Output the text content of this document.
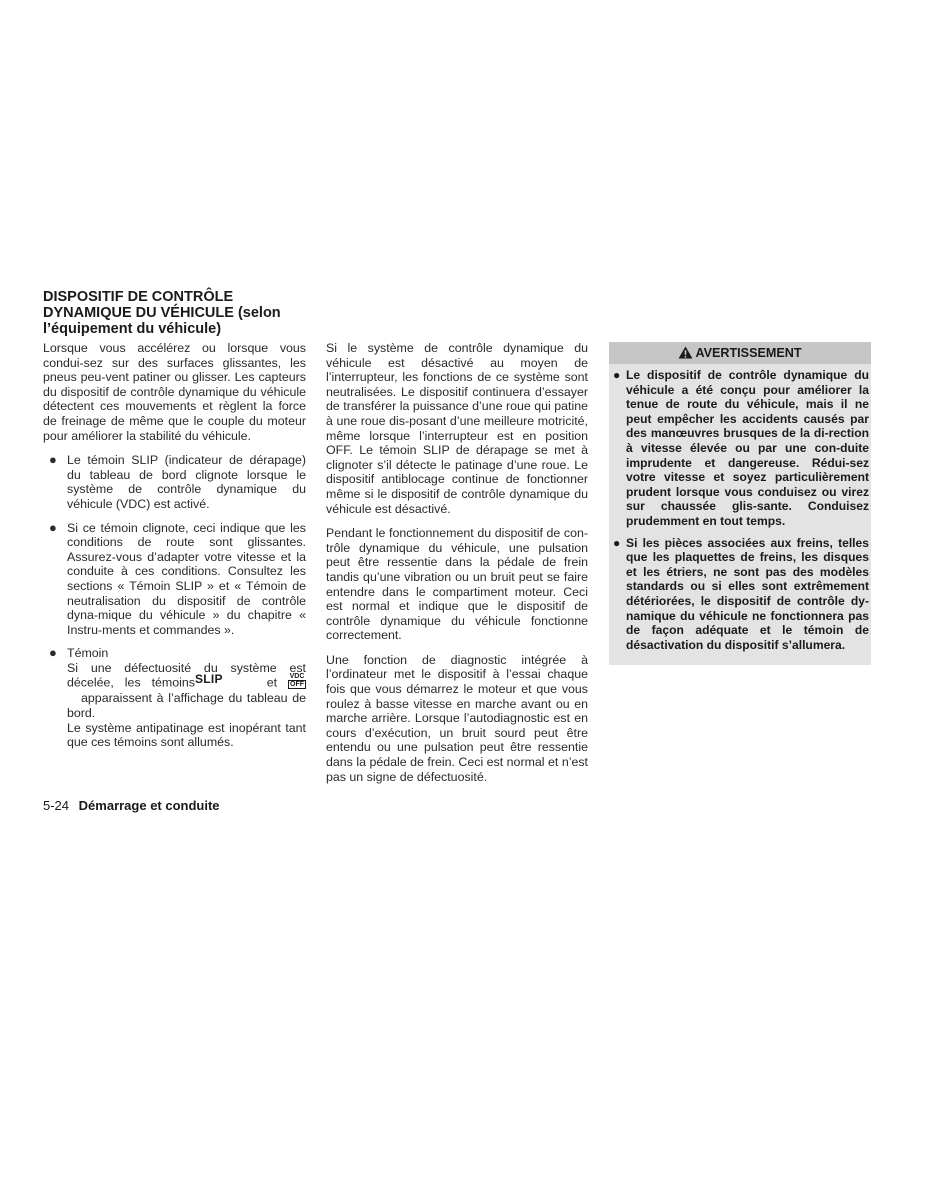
DISPOSITIF DE CONTRÔLE
DYNAMIQUE DU VÉHICULE (selon
l’équipement du véhicule)

Lorsque vous accélérez ou lorsque vous condui-sez sur des surfaces glissantes, les pneus peu-vent patiner ou glisser. Les capteurs du dispositif de contrôle dynamique du véhicule détectent ces mouvements et règlent la force de freinage de même que le couple du moteur pour améliorer la stabilité du véhicule.

● Le témoin SLIP (indicateur de dérapage) du tableau de bord clignote lorsque le système de contrôle dynamique du véhicule (VDC) est activé.

● Si ce témoin clignote, ceci indique que les conditions de route sont glissantes. Assurez-vous d’adapter votre vitesse et la conduite à ces conditions. Consultez les sections « Témoin SLIP » et « Témoin de neutralisation du dispositif de contrôle dyna-mique du véhicule » du chapitre « Instru-ments et commandes ».

● Témoin

Si une défectuosité du système est décelée, les témoinsSLIP	et VDC
OFF
apparaissent à l’affichage du tableau de bord.

Le système antipatinage est inopérant tant que ces témoins sont allumés.

Si le système de contrôle dynamique du véhicule est désactivé au moyen de l’interrupteur, les fonctions de ce système sont neutralisées. Le dispositif continuera d’essayer de transférer la puissance d’une roue qui patine à une roue dis-posant d’une meilleure motricité, même lorsque l’interrupteur est en position OFF. Le témoin SLIP de dérapage se met à clignoter s’il détecte le patinage d’une roue. Le dispositif antiblocage continue de fonctionner même si le dispositif de contrôle dynamique du véhicule est désactivé.

Pendant le fonctionnement du dispositif de con-trôle dynamique du véhicule, une pulsation peut être ressentie dans la pédale de frein tandis qu’une vibration ou un bruit peut se faire entendre dans le compartiment moteur. Ceci est normal et indique que le dispositif de contrôle dynamique du véhicule fonctionne correctement.

Une fonction de diagnostic intégrée à l’ordinateur met le dispositif à l’essai chaque fois que vous démarrez le moteur et que vous roulez à basse vitesse en marche avant ou en marche arrière. Lorsque l’autodiagnostic est en cours d’exécution, un bruit sourd peut être entendu ou une pulsation peut être ressentie dans la pédale de frein. Ceci est normal et n’est pas un signe de défectuosité.

AVERTISSEMENT
● Le dispositif de contrôle dynamique du véhicule a été conçu pour améliorer la tenue de route du véhicule, mais il ne peut empêcher les accidents causés par des manœuvres brusques de la di-rection à vitesse élevée ou par une con-duite imprudente et dangereuse. Rédui-sez votre vitesse et soyez particulièrement prudent lorsque vous conduisez ou virez sur chaussée glis-sante. Conduisez prudemment en tout temps.
● Si les pièces associées aux freins, telles que les plaquettes de freins, les disques et les étriers, ne sont pas des modèles standards ou si elles sont extrêmement détériorées, le dispositif de contrôle dy-namique du véhicule ne fonctionnera pas de façon adéquate et le témoin de désactivation du dispositif s’allumera.
5-24 Démarrage et conduite
